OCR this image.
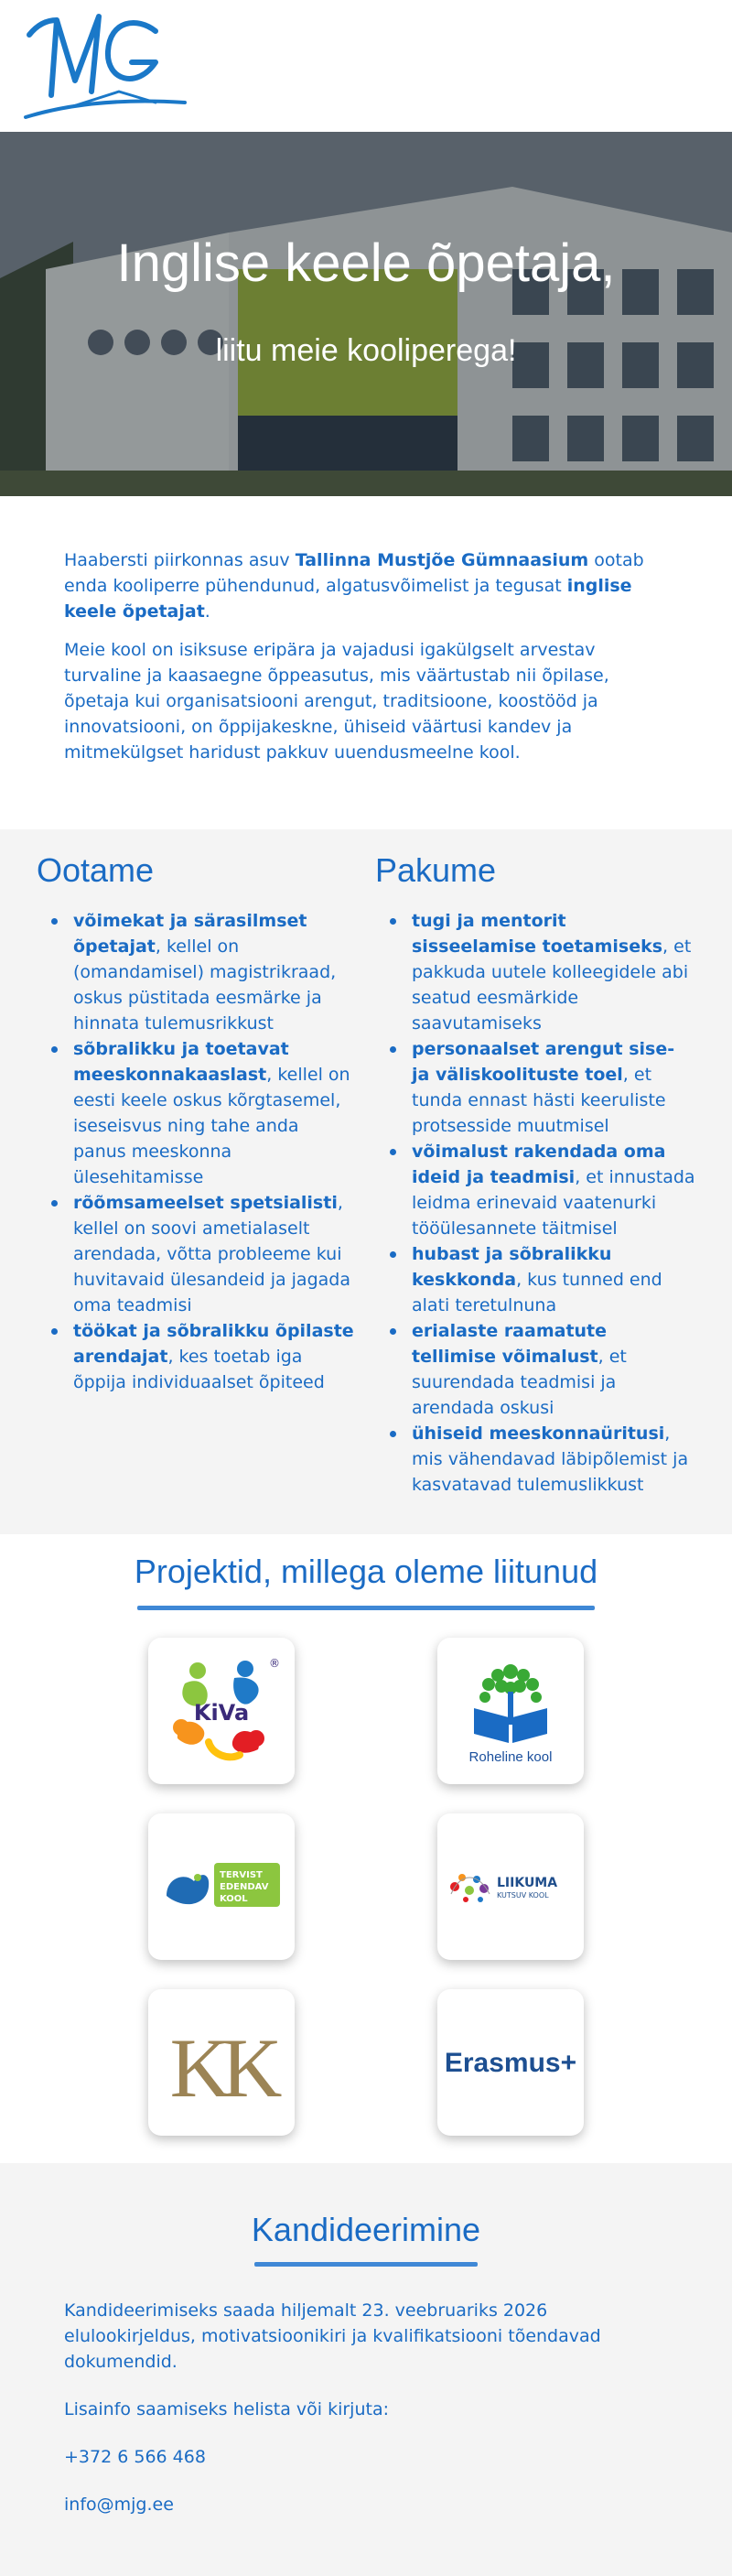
Inglise keele õpetaja,
liitu meie kooliperega!

Haabersti piirkonnas asuv Tallinna Mustjõe Gümnaasium ootab enda kooliperre pühendunud, algatusvõimelist ja tegusat inglise keele õpetajat.

Meie kool on isiksuse eripära ja vajadusi igakülgselt arvestav turvaline ja kaasaegne õppeasutus, mis väärtustab nii õpilase, õpetaja kui organisatsiooni arengut, traditsioone, koostööd ja innovatsiooni, on õppijakeskne, ühiseid väärtusi kandev ja mitmekülgset haridust pakkuv uuendusmeelne kool.

Ootame
võimekat ja särasilmset õpetajat, kellel on (omandamisel) magistrikraad, oskus püstitada eesmärke ja hinnata tulemusrikkust
sõbralikku ja toetavat meeskonnakaaslast, kellel on eesti keele oskus kõrgtasemel, iseseisvus ning tahe anda panus meeskonna ülesehitamisse
rõõmsameelset spetsialisti, kellel on soovi ametialaselt arendada, võtta probleeme kui huvitavaid ülesandeid ja jagada oma teadmisi
töökat ja sõbralikku õpilaste arendajat, kes toetab iga õppija individuaalset õpiteed
Pakume
tugi ja mentorit sisseelamise toetamiseks, et pakkuda uutele kolleegidele abi seatud eesmärkide saavutamiseks
personaalset arengut sise- ja väliskoolituste toel, et tunda ennast hästi keeruliste protsesside muutmisel
võimalust rakendada oma ideid ja teadmisi, et innustada leidma erinevaid vaatenurki tööülesannete täitmisel
hubast ja sõbralikku keskkonda, kus tunned end alati teretulnuna
erialaste raamatute tellimise võimalust, et suurendada teadmisi ja arendada oskusi
ühiseid meeskonnaüritusi, mis vähendavad läbipõlemist ja kasvatavad tulemuslikkust
Projektid, millega oleme liitunud
KiVa
®
Roheline kool
TERVIST
EDENDAV
KOOL
LIIKUMA
KUTSUV KOOL
KK	Erasmus+
Kandideerimine

Kandideerimiseks saada hiljemalt 23. veebruariks 2026 elulookirjeldus, motivatsioonikiri ja kvalifikatsiooni tõendavad dokumendid.

Lisainfo saamiseks helista või kirjuta:

+372 6 566 468

info@mjg.ee
